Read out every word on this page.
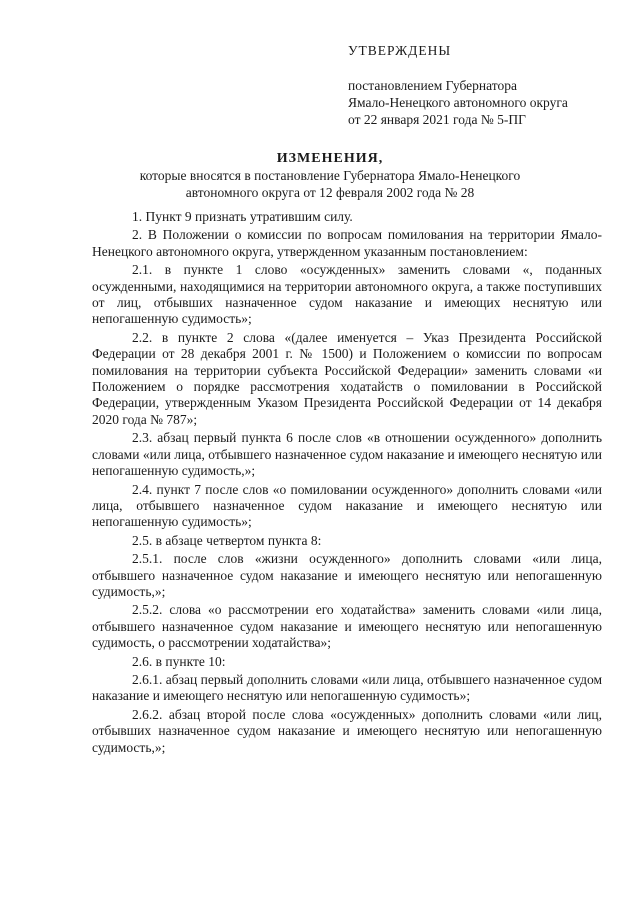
УТВЕРЖДЕНЫ
постановлением Губернатора
Ямало-Ненецкого автономного округа
от 22 января 2021 года № 5-ПГ
ИЗМЕНЕНИЯ,
которые вносятся в постановление Губернатора Ямало-Ненецкого
автономного округа от 12 февраля 2002 года № 28

1. Пункт 9 признать утратившим силу.

2. В Положении о комиссии по вопросам помилования на территории Ямало-Ненецкого автономного округа, утвержденном указанным постановлением:

2.1. в пункте 1 слово «осужденных» заменить словами «, поданных осужденными, находящимися на территории автономного округа, а также поступивших от лиц, отбывших назначенное судом наказание и имеющих неснятую или непогашенную судимость»;

2.2. в пункте 2 слова «(далее именуется – Указ Президента Российской Федерации от 28 декабря 2001 г. № 1500) и Положением о комиссии по вопросам помилования на территории субъекта Российской Федерации» заменить словами «и Положением о порядке рассмотрения ходатайств о помиловании в Российской Федерации, утвержденным Указом Президента Российской Федерации от 14 декабря 2020 года № 787»;

2.3. абзац первый пункта 6 после слов «в отношении осужденного» дополнить словами «или лица, отбывшего назначенное судом наказание и имеющего неснятую или непогашенную судимость,»;

2.4. пункт 7 после слов «о помиловании осужденного» дополнить словами «или лица, отбывшего назначенное судом наказание и имеющего неснятую или непогашенную судимость»;

2.5. в абзаце четвертом пункта 8:

2.5.1. после слов «жизни осужденного» дополнить словами «или лица, отбывшего назначенное судом наказание и имеющего неснятую или непогашенную судимость,»;

2.5.2. слова «о рассмотрении его ходатайства» заменить словами «или лица, отбывшего назначенное судом наказание и имеющего неснятую или непогашенную судимость, о рассмотрении ходатайства»;

2.6. в пункте 10:

2.6.1. абзац первый дополнить словами «или лица, отбывшего назначенное судом наказание и имеющего неснятую или непогашенную судимость»;

2.6.2. абзац второй после слова «осужденных» дополнить словами «или лиц, отбывших назначенное судом наказание и имеющего неснятую или непогашенную судимость,»;
